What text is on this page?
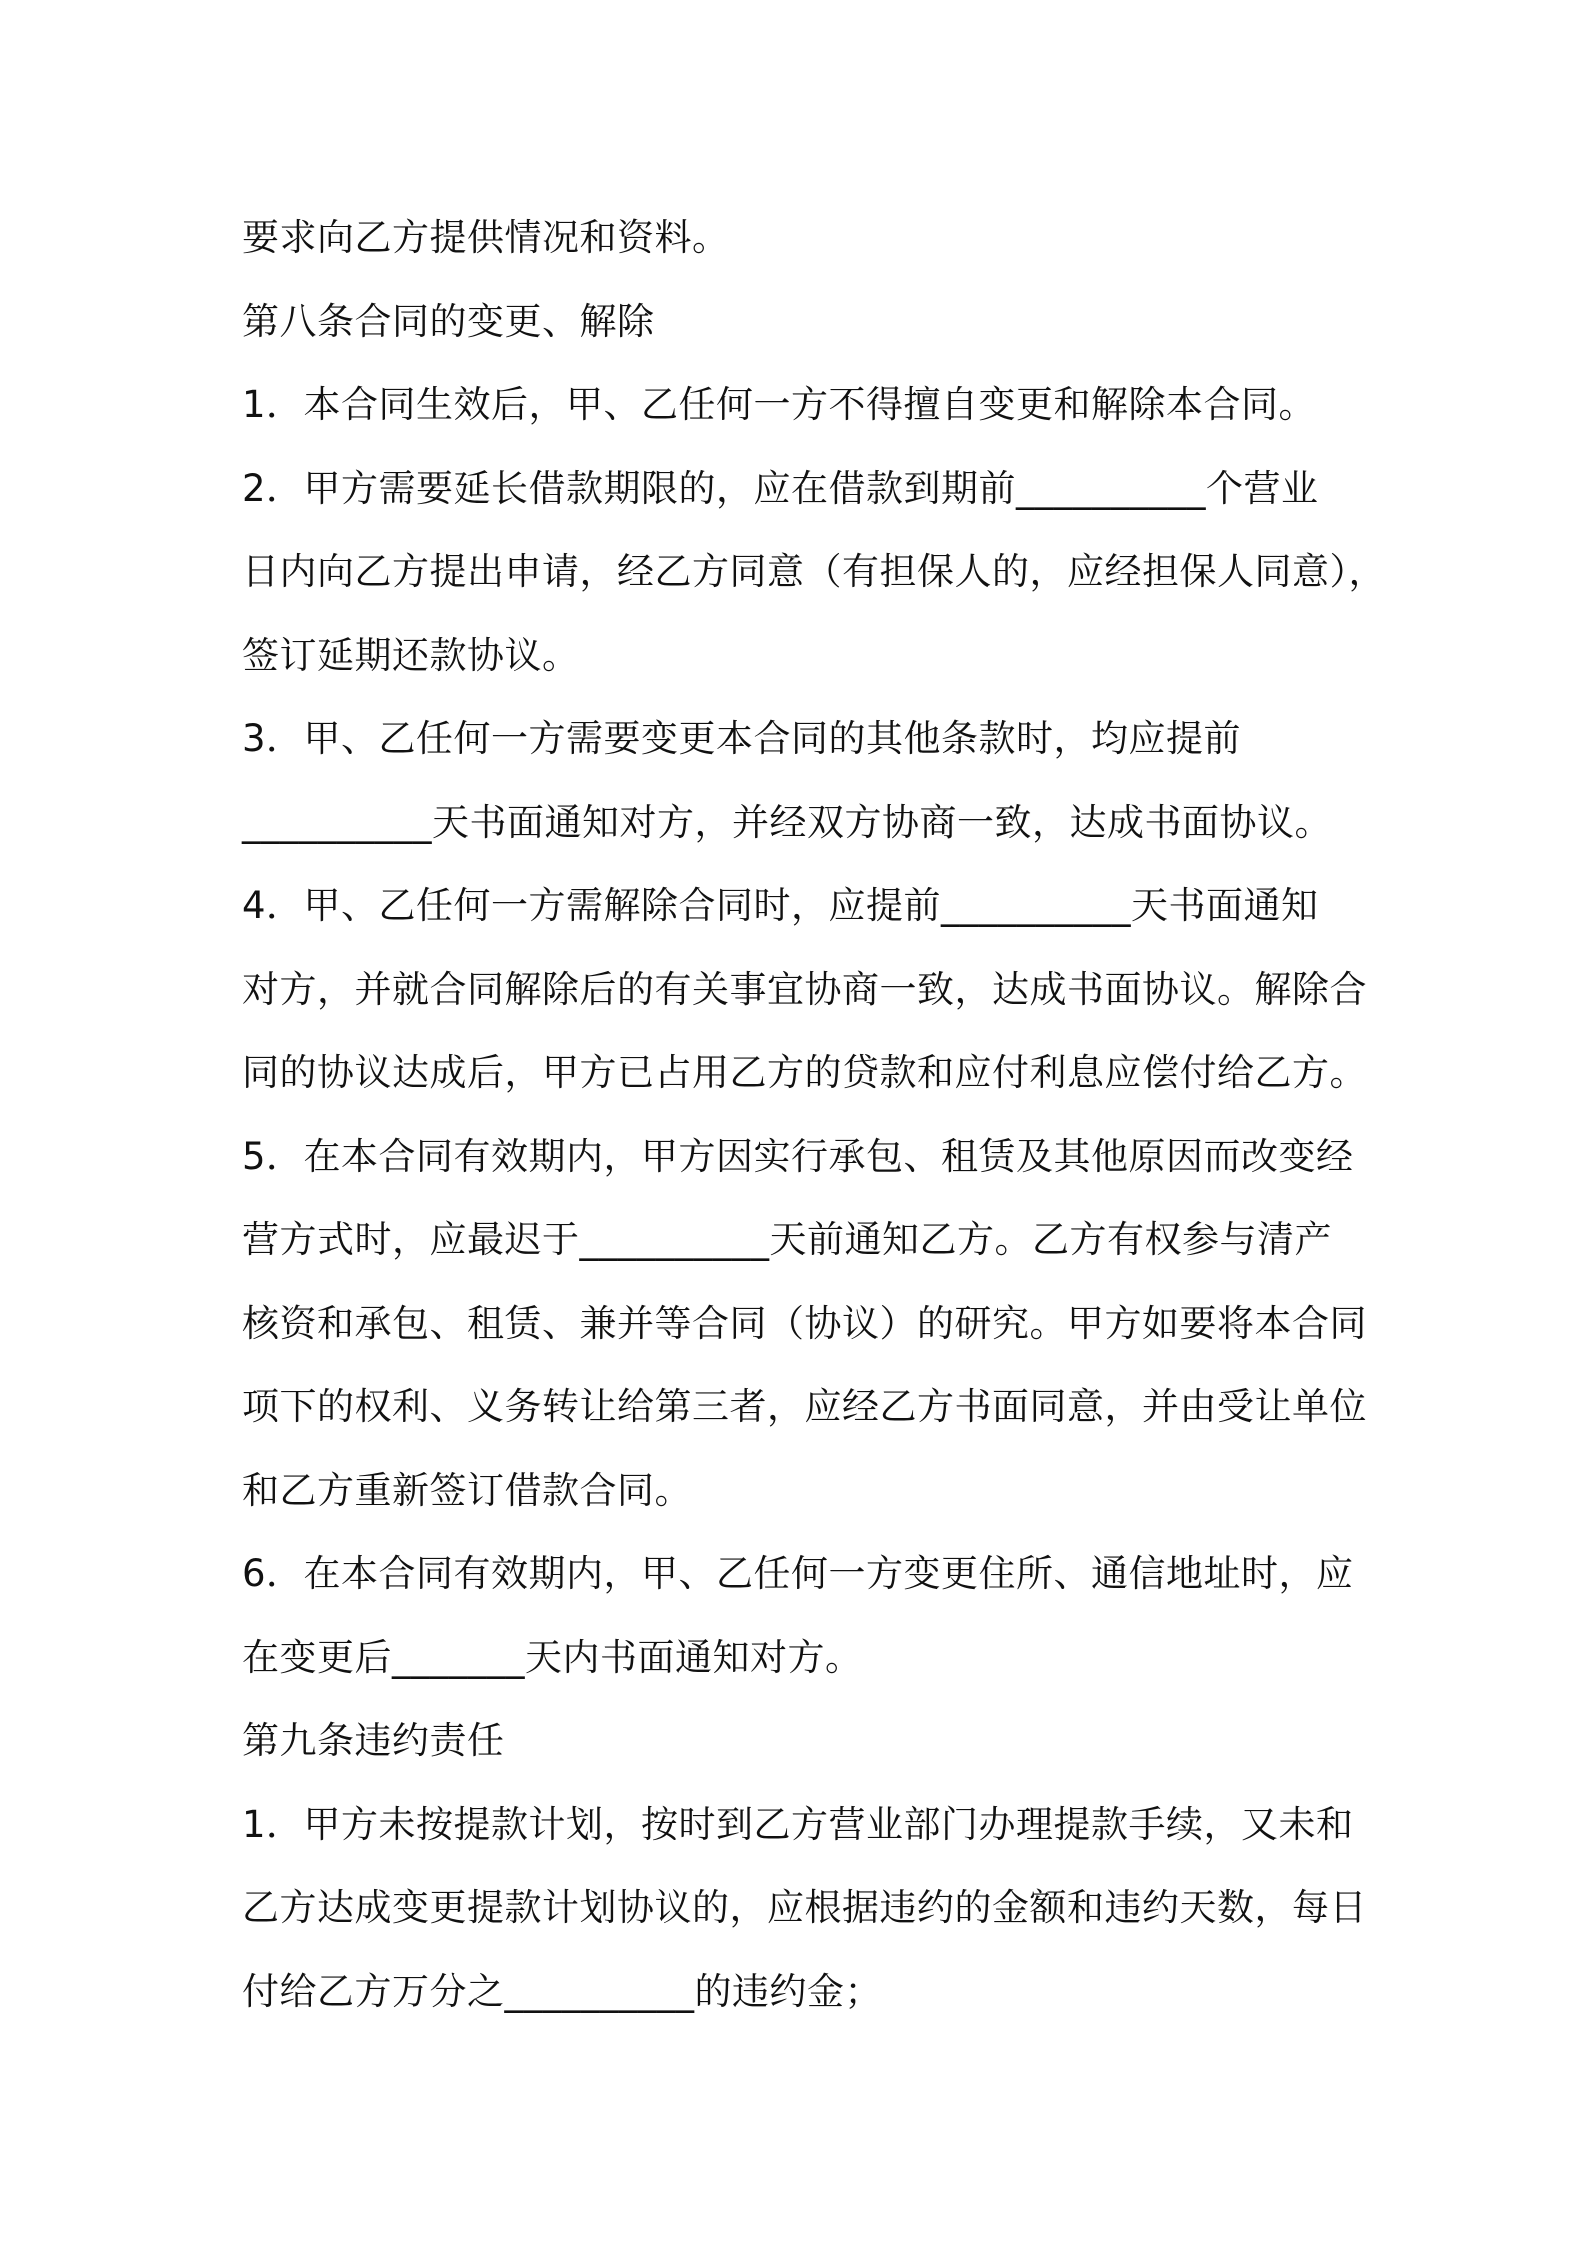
要求向乙方提供情况和资料。
第八条合同的变更、解除
1．本合同生效后，甲、乙任何一方不得擅自变更和解除本合同。
2．甲方需要延长借款期限的，应在借款到期前__________个营业
日内向乙方提出申请，经乙方同意（有担保人的，应经担保人同意），
签订延期还款协议。
3．甲、乙任何一方需要变更本合同的其他条款时，均应提前
__________天书面通知对方，并经双方协商一致，达成书面协议。
4．甲、乙任何一方需解除合同时，应提前__________天书面通知
对方，并就合同解除后的有关事宜协商一致，达成书面协议。解除合
同的协议达成后，甲方已占用乙方的贷款和应付利息应偿付给乙方。
5．在本合同有效期内，甲方因实行承包、租赁及其他原因而改变经
营方式时，应最迟于__________天前通知乙方。乙方有权参与清产
核资和承包、租赁、兼并等合同（协议）的研究。甲方如要将本合同
项下的权利、义务转让给第三者，应经乙方书面同意，并由受让单位
和乙方重新签订借款合同。
6．在本合同有效期内，甲、乙任何一方变更住所、通信地址时，应
在变更后_______天内书面通知对方。
第九条违约责任
1．甲方未按提款计划，按时到乙方营业部门办理提款手续，又未和
乙方达成变更提款计划协议的，应根据违约的金额和违约天数，每日
付给乙方万分之__________的违约金；
